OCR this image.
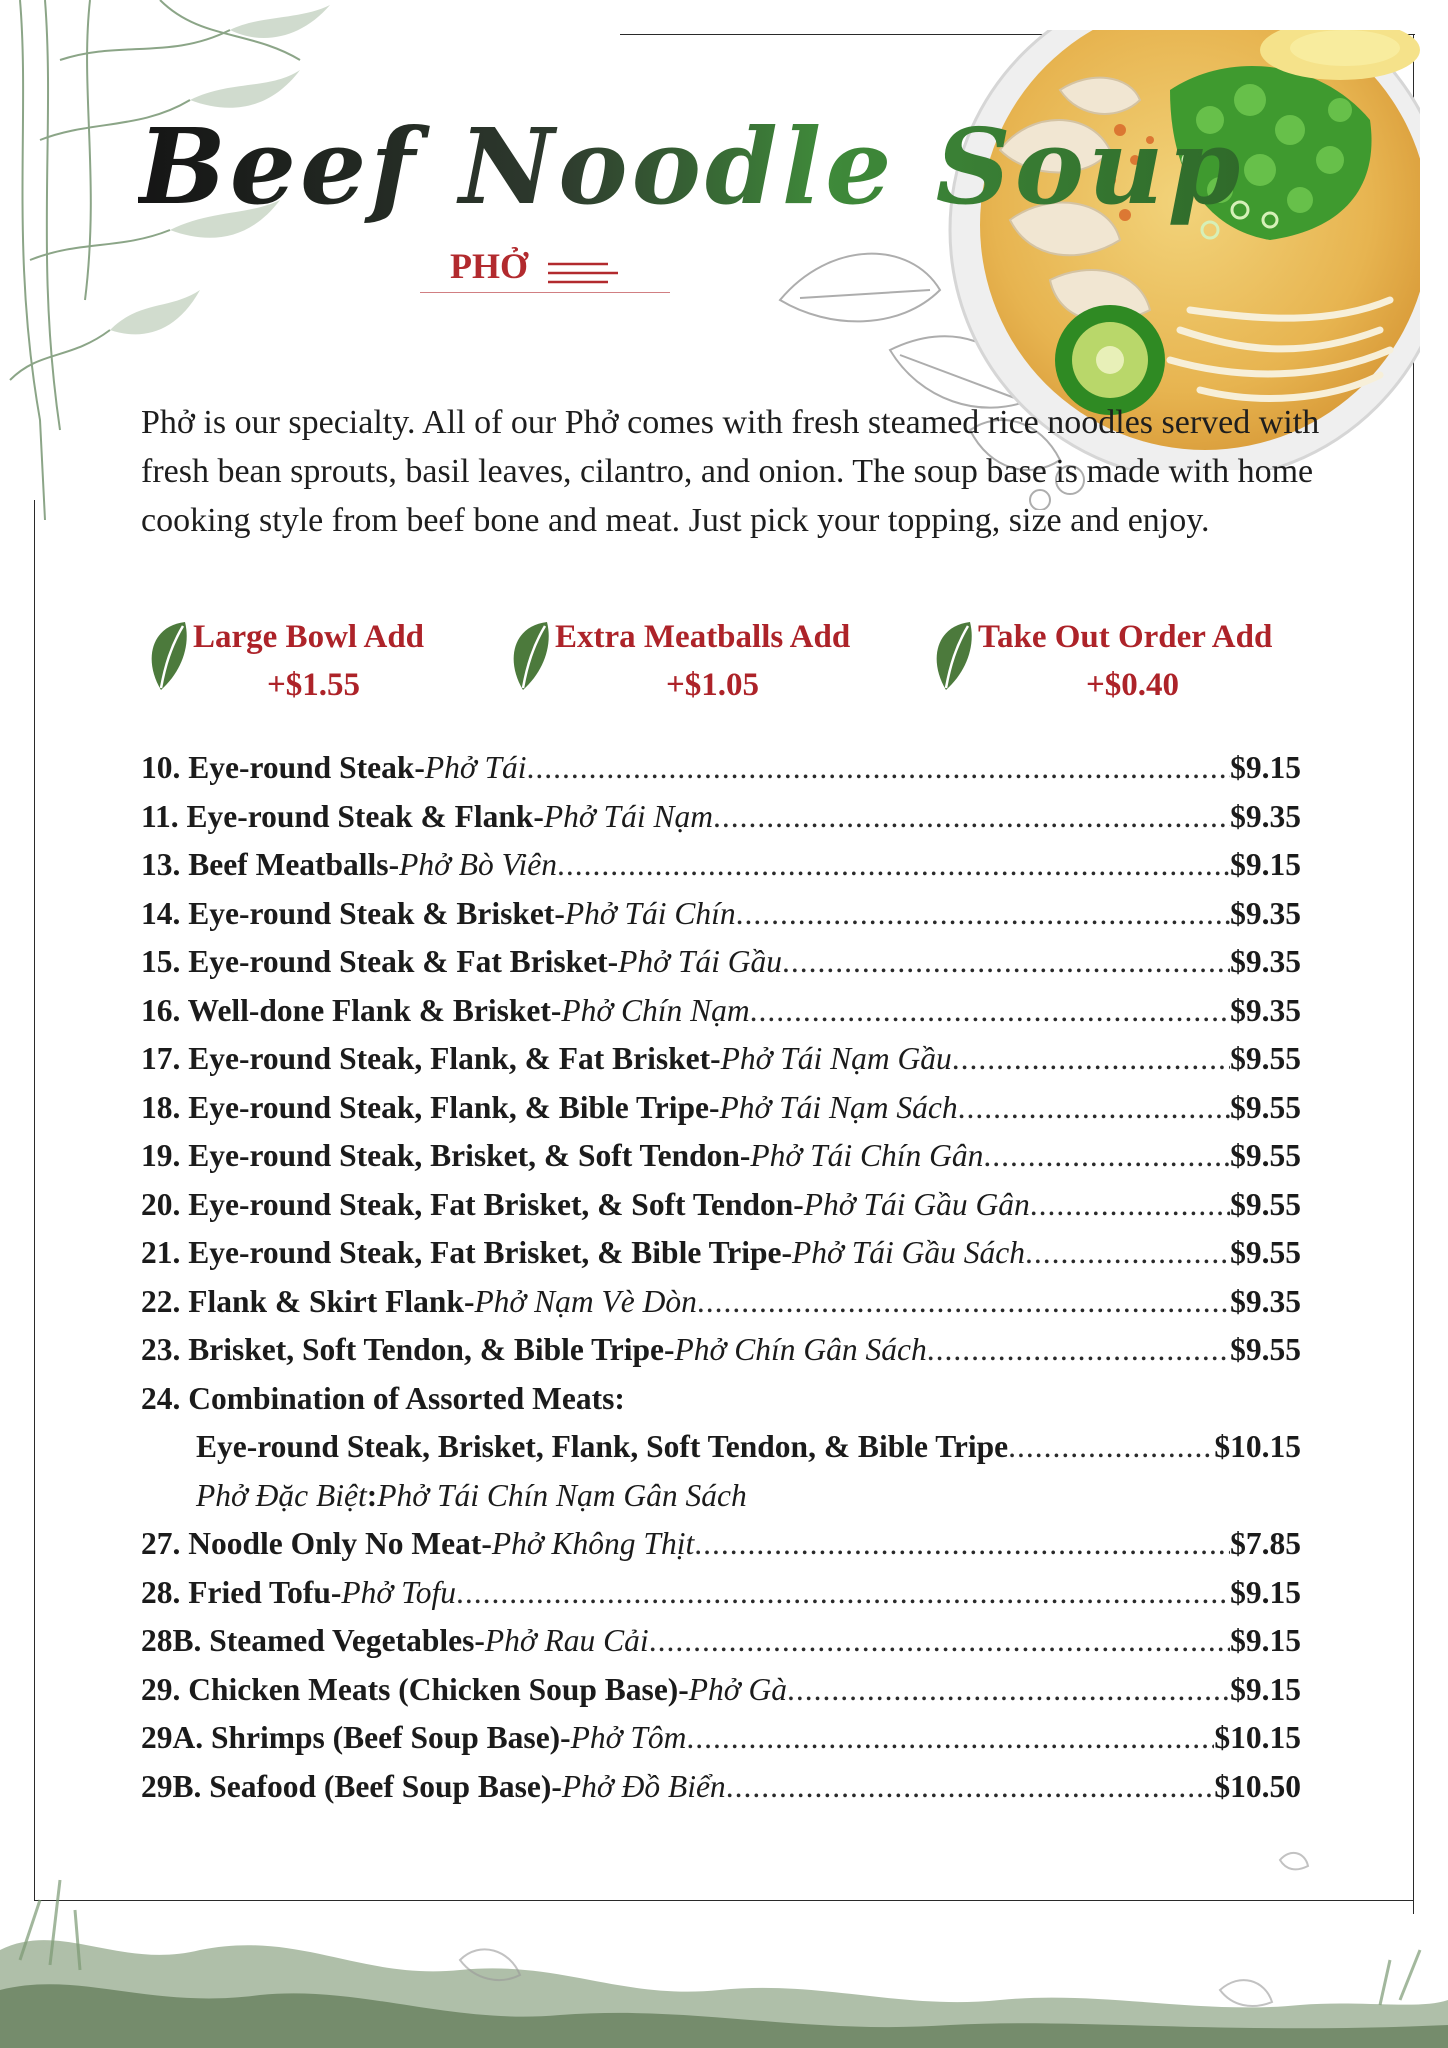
Beef Noodle Soup
PHỞ
Phở is our specialty. All of our Phở comes with fresh steamed rice noodles served with fresh bean sprouts, basil leaves, cilantro, and onion. The soup base is made with home cooking style from beef bone and meat. Just pick your topping, size and enjoy.
Large Bowl Add
+$1.55
Extra Meatballs Add
+$1.05
Take Out Order Add
+$0.40
10. Eye-round Steak- Phở Tái .....	$9.15
11. Eye-round Steak & Flank - Phở Tái Nạm .....	$9.35
13. Beef Meatballs - Phở Bò Viên .....	$9.15
14. Eye-round Steak & Brisket - Phở Tái Chín .....	$9.35
15. Eye-round Steak & Fat Brisket - Phở Tái Gầu .....	$9.35
16. Well-done Flank & Brisket - Phở Chín Nạm .....	$9.35
17. Eye-round Steak, Flank, & Fat Brisket - Phở Tái Nạm Gầu .....	$9.55
18. Eye-round Steak, Flank, & Bible Tripe - Phở Tái Nạm Sách .....	$9.55
19. Eye-round Steak, Brisket, & Soft Tendon - Phở Tái Chín Gân .....	$9.55
20. Eye-round Steak, Fat Brisket, & Soft Tendon - Phở Tái Gầu Gân .....	$9.55
21. Eye-round Steak, Fat Brisket, & Bible Tripe - Phở Tái Gầu Sách .....	$9.55
22. Flank & Skirt Flank - Phở Nạm Vè Dòn .....	$9.35
23. Brisket, Soft Tendon, & Bible Tripe - Phở Chín Gân Sách .....	$9.55
24. Combination of Assorted Meats:
Eye-round Steak, Brisket, Flank, Soft Tendon, & Bible Tripe .....	$10.15
Phở Đặc Biệt : Phở Tái Chín Nạm Gân Sách
27. Noodle Only No Meat - Phở Không Thịt .....	$7.85
28. Fried Tofu - Phở Tofu .....	$9.15
28B. Steamed Vegetables - Phở Rau Cải .....	$9.15
29. Chicken Meats (Chicken Soup Base) - Phở Gà .....	$9.15
29A. Shrimps (Beef Soup Base) - Phở Tôm .....	$10.15
29B. Seafood (Beef Soup Base) - Phở Đồ Biển .....	$10.50
